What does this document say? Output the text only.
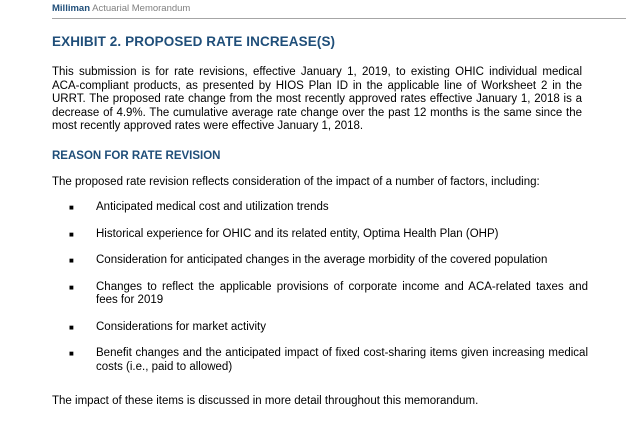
Milliman Actuarial Memorandum
EXHIBIT 2. PROPOSED RATE INCREASE(S)
This submission is for rate revisions, effective January 1, 2019, to existing OHIC individual medical ACA-compliant products, as presented by HIOS Plan ID in the applicable line of Worksheet 2 in the URRT. The proposed rate change from the most recently approved rates effective January 1, 2018 is a decrease of 4.9%. The cumulative average rate change over the past 12 months is the same since the most recently approved rates were effective January 1, 2018.
REASON FOR RATE REVISION
The proposed rate revision reflects consideration of the impact of a number of factors, including:
■ Anticipated medical cost and utilization trends
■ Historical experience for OHIC and its related entity, Optima Health Plan (OHP)
■ Consideration for anticipated changes in the average morbidity of the covered population
■ Changes to reflect the applicable provisions of corporate income and ACA-related taxes and fees for 2019
■ Considerations for market activity
■ Benefit changes and the anticipated impact of fixed cost-sharing items given increasing medical costs (i.e., paid to allowed)
The impact of these items is discussed in more detail throughout this memorandum.
